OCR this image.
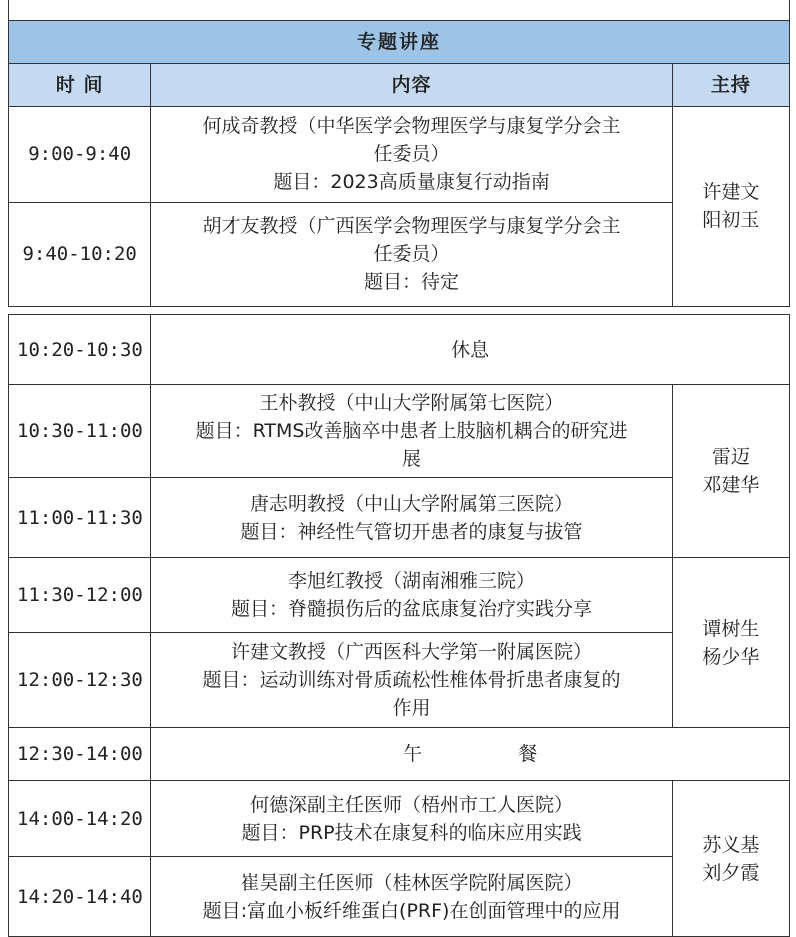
专题讲座		
时 间	内容	主持
9:00-9:40	何成奇教授（中华医学会物理医学与康复学分会主
任委员）
题目：2023高质量康复行动指南	许建文
阳初玉

9:40-10:20	胡才友教授（广西医学会物理医学与康复学分会主
任委员）
题目：待定	
10:20-10:30	休息	
10:30-11:00	王朴教授（中山大学附属第七医院）
题目：RTMS改善脑卒中患者上肢脑机耦合的研究进
展	雷迈
邓建华

11:00-11:30	唐志明教授（中山大学附属第三医院）
题目：神经性气管切开患者的康复与拔管	

11:30-12:00	李旭红教授（湖南湘雅三院）
题目：脊髓损伤后的盆底康复治疗实践分享	谭树生
杨少华

12:00-12:30	许建文教授（广西医科大学第一附属医院）
题目：运动训练对骨质疏松性椎体骨折患者康复的
作用	

12:30-14:00	午 餐	
14:00-14:20	何德深副主任医师（梧州市工人医院）
题目：PRP技术在康复科的临床应用实践	苏义基
刘夕霞

14:20-14:40	崔昊副主任医师（桂林医学院附属医院）
题目:富血小板纤维蛋白(PRF)在创面管理中的应用	
